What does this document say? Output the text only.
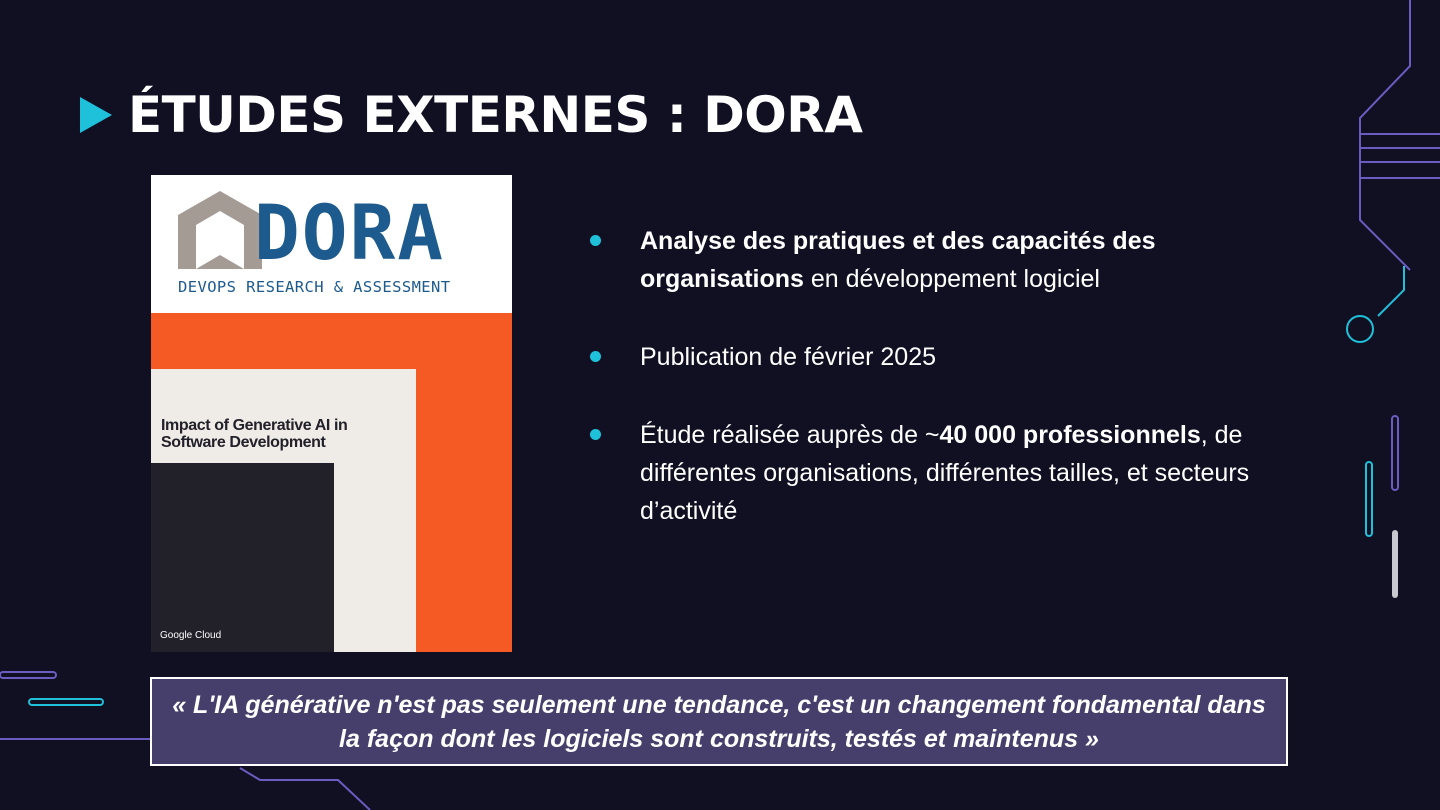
ÉTUDES EXTERNES : DORA
DORA
DEVOPS RESEARCH & ASSESSMENT
Impact of Generative AI in Software Development
Google Cloud
Analyse des pratiques et des capacités des organisations en développement logiciel
Publication de février 2025
Étude réalisée auprès de ~40 000 professionnels, de différentes organisations, différentes tailles, et secteurs d’activité
« L'IA générative n'est pas seulement une tendance, c'est un changement fondamental dans la façon dont les logiciels sont construits, testés et maintenus »
